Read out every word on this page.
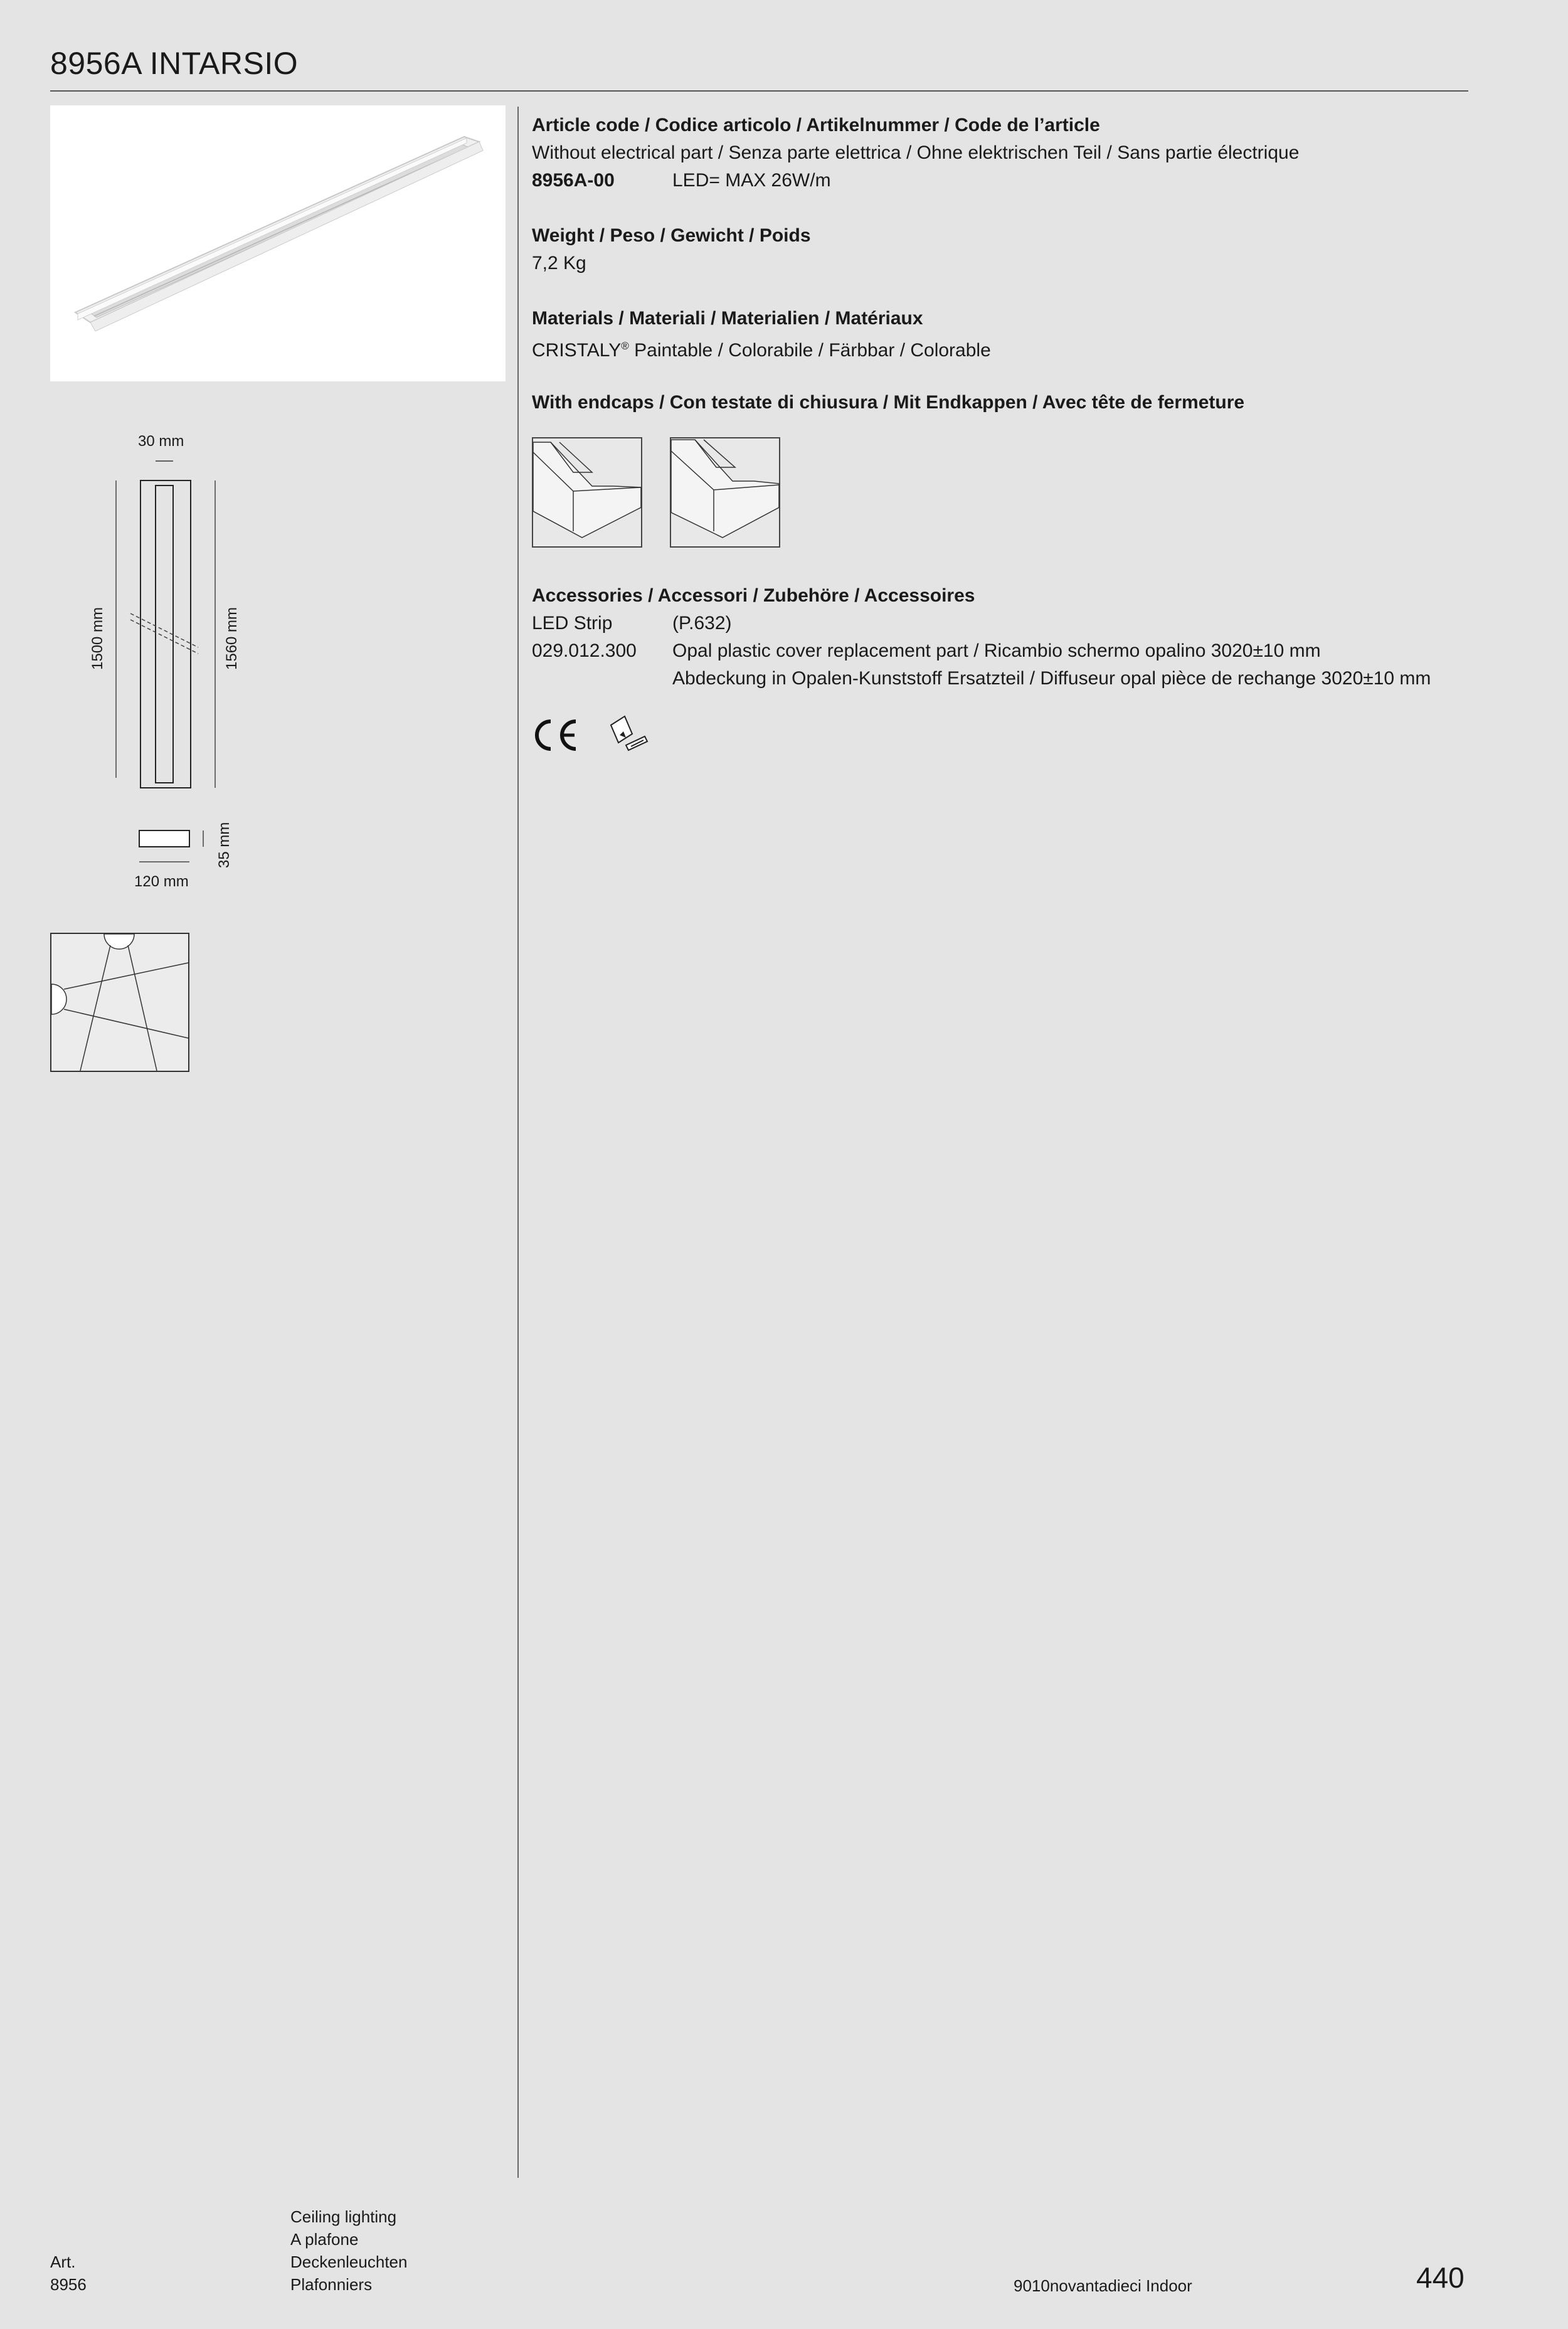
8956A INTARSIO
30 mm
1500 mm	1560 mm
35 mm
120 mm
Article code / Codice articolo / Artikelnummer / Code de l’article
Without electrical part / Senza parte elettrica / Ohne elektrischen Teil / Sans partie électrique
8956A-00	LED= MAX 26W/m
Weight / Peso / Gewicht / Poids
7,2 Kg
Materials / Materiali / Materialien / Matériaux
CRISTALY® Paintable / Colorabile / Färbbar / Colorable
With endcaps / Con testate di chiusura / Mit Endkappen / Avec tête de fermeture
Accessories / Accessori / Zubehöre / Accessoires
LED Strip	(P.632)
029.012.300 Opal plastic cover replacement part / Ricambio schermo opalino 3020±10 mm
Abdeckung in Opalen-Kunststoff Ersatzteil / Diffuseur opal pièce de rechange 3020±10 mm
Art.
8956
Ceiling lighting
A plafone
Deckenleuchten
Plafonniers	9010novantadieci Indoor	440
